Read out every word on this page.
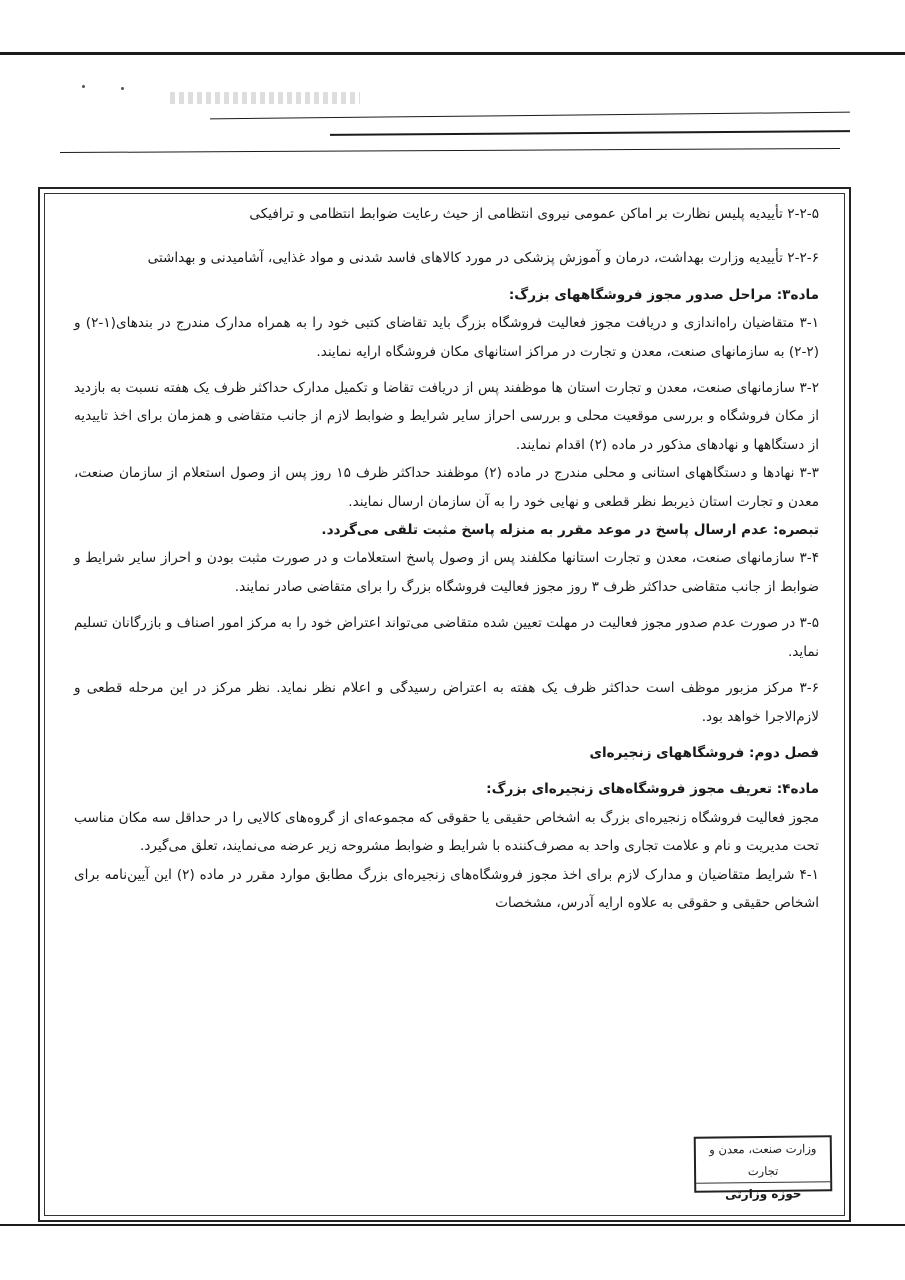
۲-۲-۵ تأییدیه پلیس نظارت بر اماکن عمومی نیروی انتظامی از حیث رعایت ضوابط انتظامی و ترافیکی

۲-۲-۶ تأییدیه وزارت بهداشت، درمان و آموزش پزشکی در مورد کالاهای فاسد شدنی و مواد غذایی، آشامیدنی و بهداشتی

ماده۳: مراحل صدور مجوز فروشگاههای بزرگ:

۳-۱ متقاضیان راه‌اندازی و دریافت مجوز فعالیت فروشگاه بزرگ باید تقاضای کتبی خود را به همراه مدارک مندرج در بندهای(۱-۲) و (۲-۲) به سازمانهای صنعت، معدن و تجارت در مراکز استانهای مکان فروشگاه ارایه نمایند.

۳-۲ سازمانهای صنعت، معدن و تجارت استان ها موظفند پس از دریافت تقاضا و تکمیل مدارک حداکثر ظرف یک هفته نسبت به بازدید از مکان فروشگاه و بررسی موقعیت محلی و بررسی احراز سایر شرایط و ضوابط لازم از جانب متقاضی و همزمان برای اخذ تاییدیه از دستگاهها و نهادهای مذکور در ماده (۲) اقدام نمایند.

۳-۳ نهادها و دستگاههای استانی و محلی مندرج در ماده (۲) موظفند حداکثر ظرف ۱۵ روز پس از وصول استعلام از سازمان صنعت، معدن و تجارت استان ذیربط نظر قطعی و نهایی خود را به آن سازمان ارسال نمایند.

تبصره: عدم ارسال پاسخ در موعد مقرر به منزله پاسخ مثبت تلقی می‌گردد.

۳-۴ سازمانهای صنعت، معدن و تجارت استانها مکلفند پس از وصول پاسخ استعلامات و در صورت مثبت بودن و احراز سایر شرایط و ضوابط از جانب متقاضی حداکثر ظرف ۳ روز مجوز فعالیت فروشگاه بزرگ را برای متقاضی صادر نمایند.

۳-۵ در صورت عدم صدور مجوز فعالیت در مهلت تعیین شده متقاضی می‌تواند اعتراض خود را به مرکز امور اصناف و بازرگانان تسلیم نماید.

۳-۶ مرکز مزبور موظف است حداکثر ظرف یک هفته به اعتراض رسیدگی و اعلام نظر نماید. نظر مرکز در این مرحله قطعی و لازم‌الاجرا خواهد بود.

فصل دوم: فروشگاههای زنجیره‌ای

ماده۴: تعریف مجوز فروشگاه‌های زنجیره‌ای بزرگ:

مجوز فعالیت فروشگاه زنجیره‌ای بزرگ به اشخاص حقیقی یا حقوقی که مجموعه‌ای از گروه‌های کالایی را در حداقل سه مکان مناسب تحت مدیریت و نام و علامت تجاری واحد به مصرف‌کننده با شرایط و ضوابط مشروحه زیر عرضه می‌نمایند، تعلق می‌گیرد.

۴-۱ شرایط متقاضیان و مدارک لازم برای اخذ مجوز فروشگاه‌های زنجیره‌ای بزرگ مطابق موارد مقرر در ماده (۲) این آیین‌نامه برای اشخاص حقیقی و حقوقی به علاوه ارایه آدرس، مشخصات

وزارت صنعت، معدن و تجارت
حوزه وزارتی
